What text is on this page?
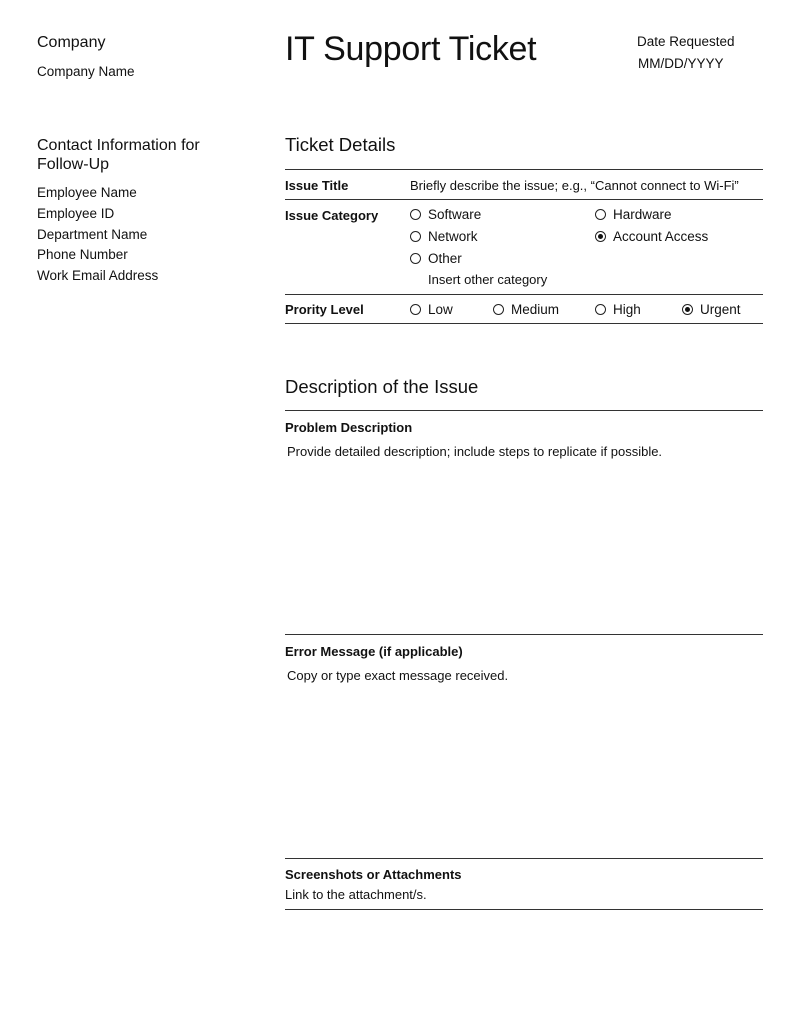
Company
Company Name
Contact Information for Follow-Up
Employee Name
Employee ID
Department Name
Phone Number
Work Email Address
IT Support Ticket	Date Requested
MM/DD/YYYY
Ticket Details
Issue Title	Briefly describe the issue; e.g., “Cannot connect to Wi-Fi”
Issue Category	Software	Hardware
Network	Account Access
Other
Insert other category
Prority Level	Low	Medium	High	Urgent
Description of the Issue
Problem Description
Provide detailed description; include steps to replicate if possible.
Error Message (if applicable)
Copy or type exact message received.
Screenshots or Attachments
Link to the attachment/s.
